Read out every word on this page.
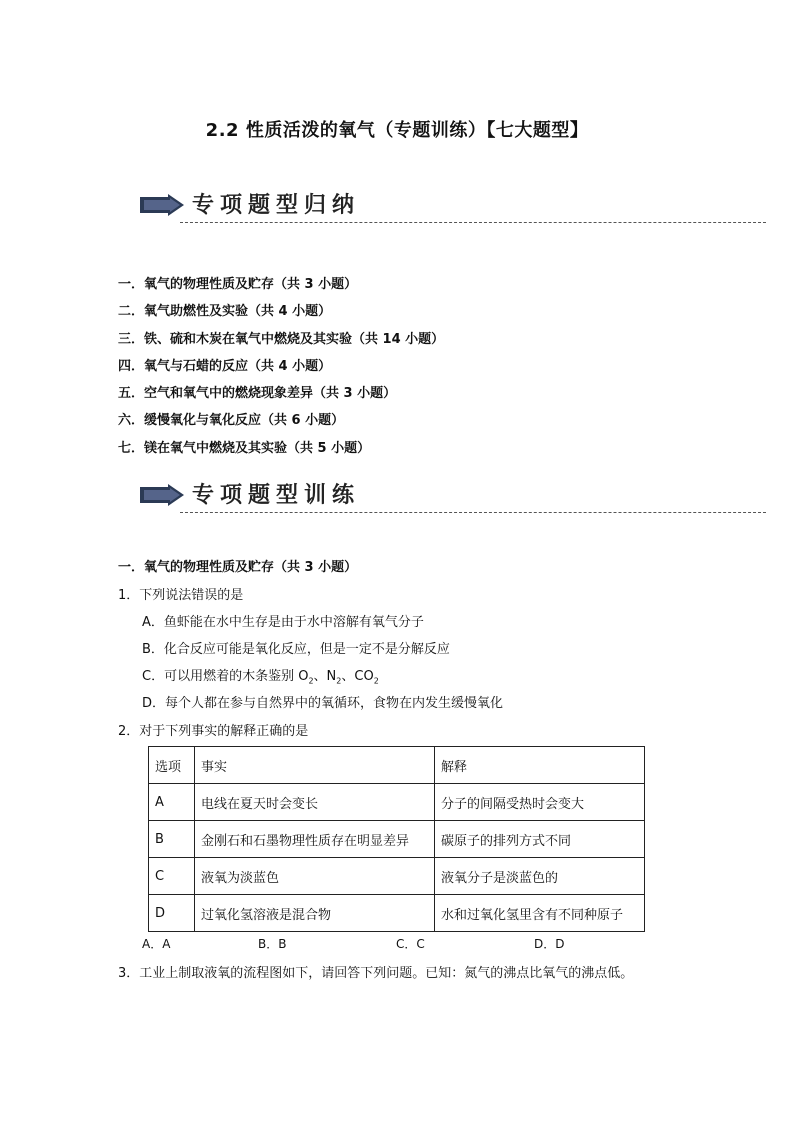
2.2 性质活泼的氧气（专题训练）【七大题型】
专项题型归纳
一．氧气的物理性质及贮存（共 3 小题）
二．氧气助燃性及实验（共 4 小题）
三．铁、硫和木炭在氧气中燃烧及其实验（共 14 小题）
四．氧气与石蜡的反应（共 4 小题）
五．空气和氧气中的燃烧现象差异（共 3 小题）
六．缓慢氧化与氧化反应（共 6 小题）
七．镁在氧气中燃烧及其实验（共 5 小题）
专项题型训练
一．氧气的物理性质及贮存（共 3 小题）
1．下列说法错误的是
A．鱼虾能在水中生存是由于水中溶解有氧气分子
B．化合反应可能是氧化反应，但是一定不是分解反应
C．可以用燃着的木条鉴别 $O_2$、$N_2$、$CO_2$
D．每个人都在参与自然界中的氧循环，食物在内发生缓慢氧化
2．对于下列事实的解释正确的是
选项	事实	解释
A	电线在夏天时会变长	分子的间隔受热时会变大
B	金刚石和石墨物理性质存在明显差异	碳原子的排列方式不同
C	液氧为淡蓝色	液氧分子是淡蓝色的
D	过氧化氢溶液是混合物	水和过氧化氢里含有不同种原子
A．A	B．B	C．C	D．D
3．工业上制取液氧的流程图如下，请回答下列问题。已知：氮气的沸点比氧气的沸点低。
